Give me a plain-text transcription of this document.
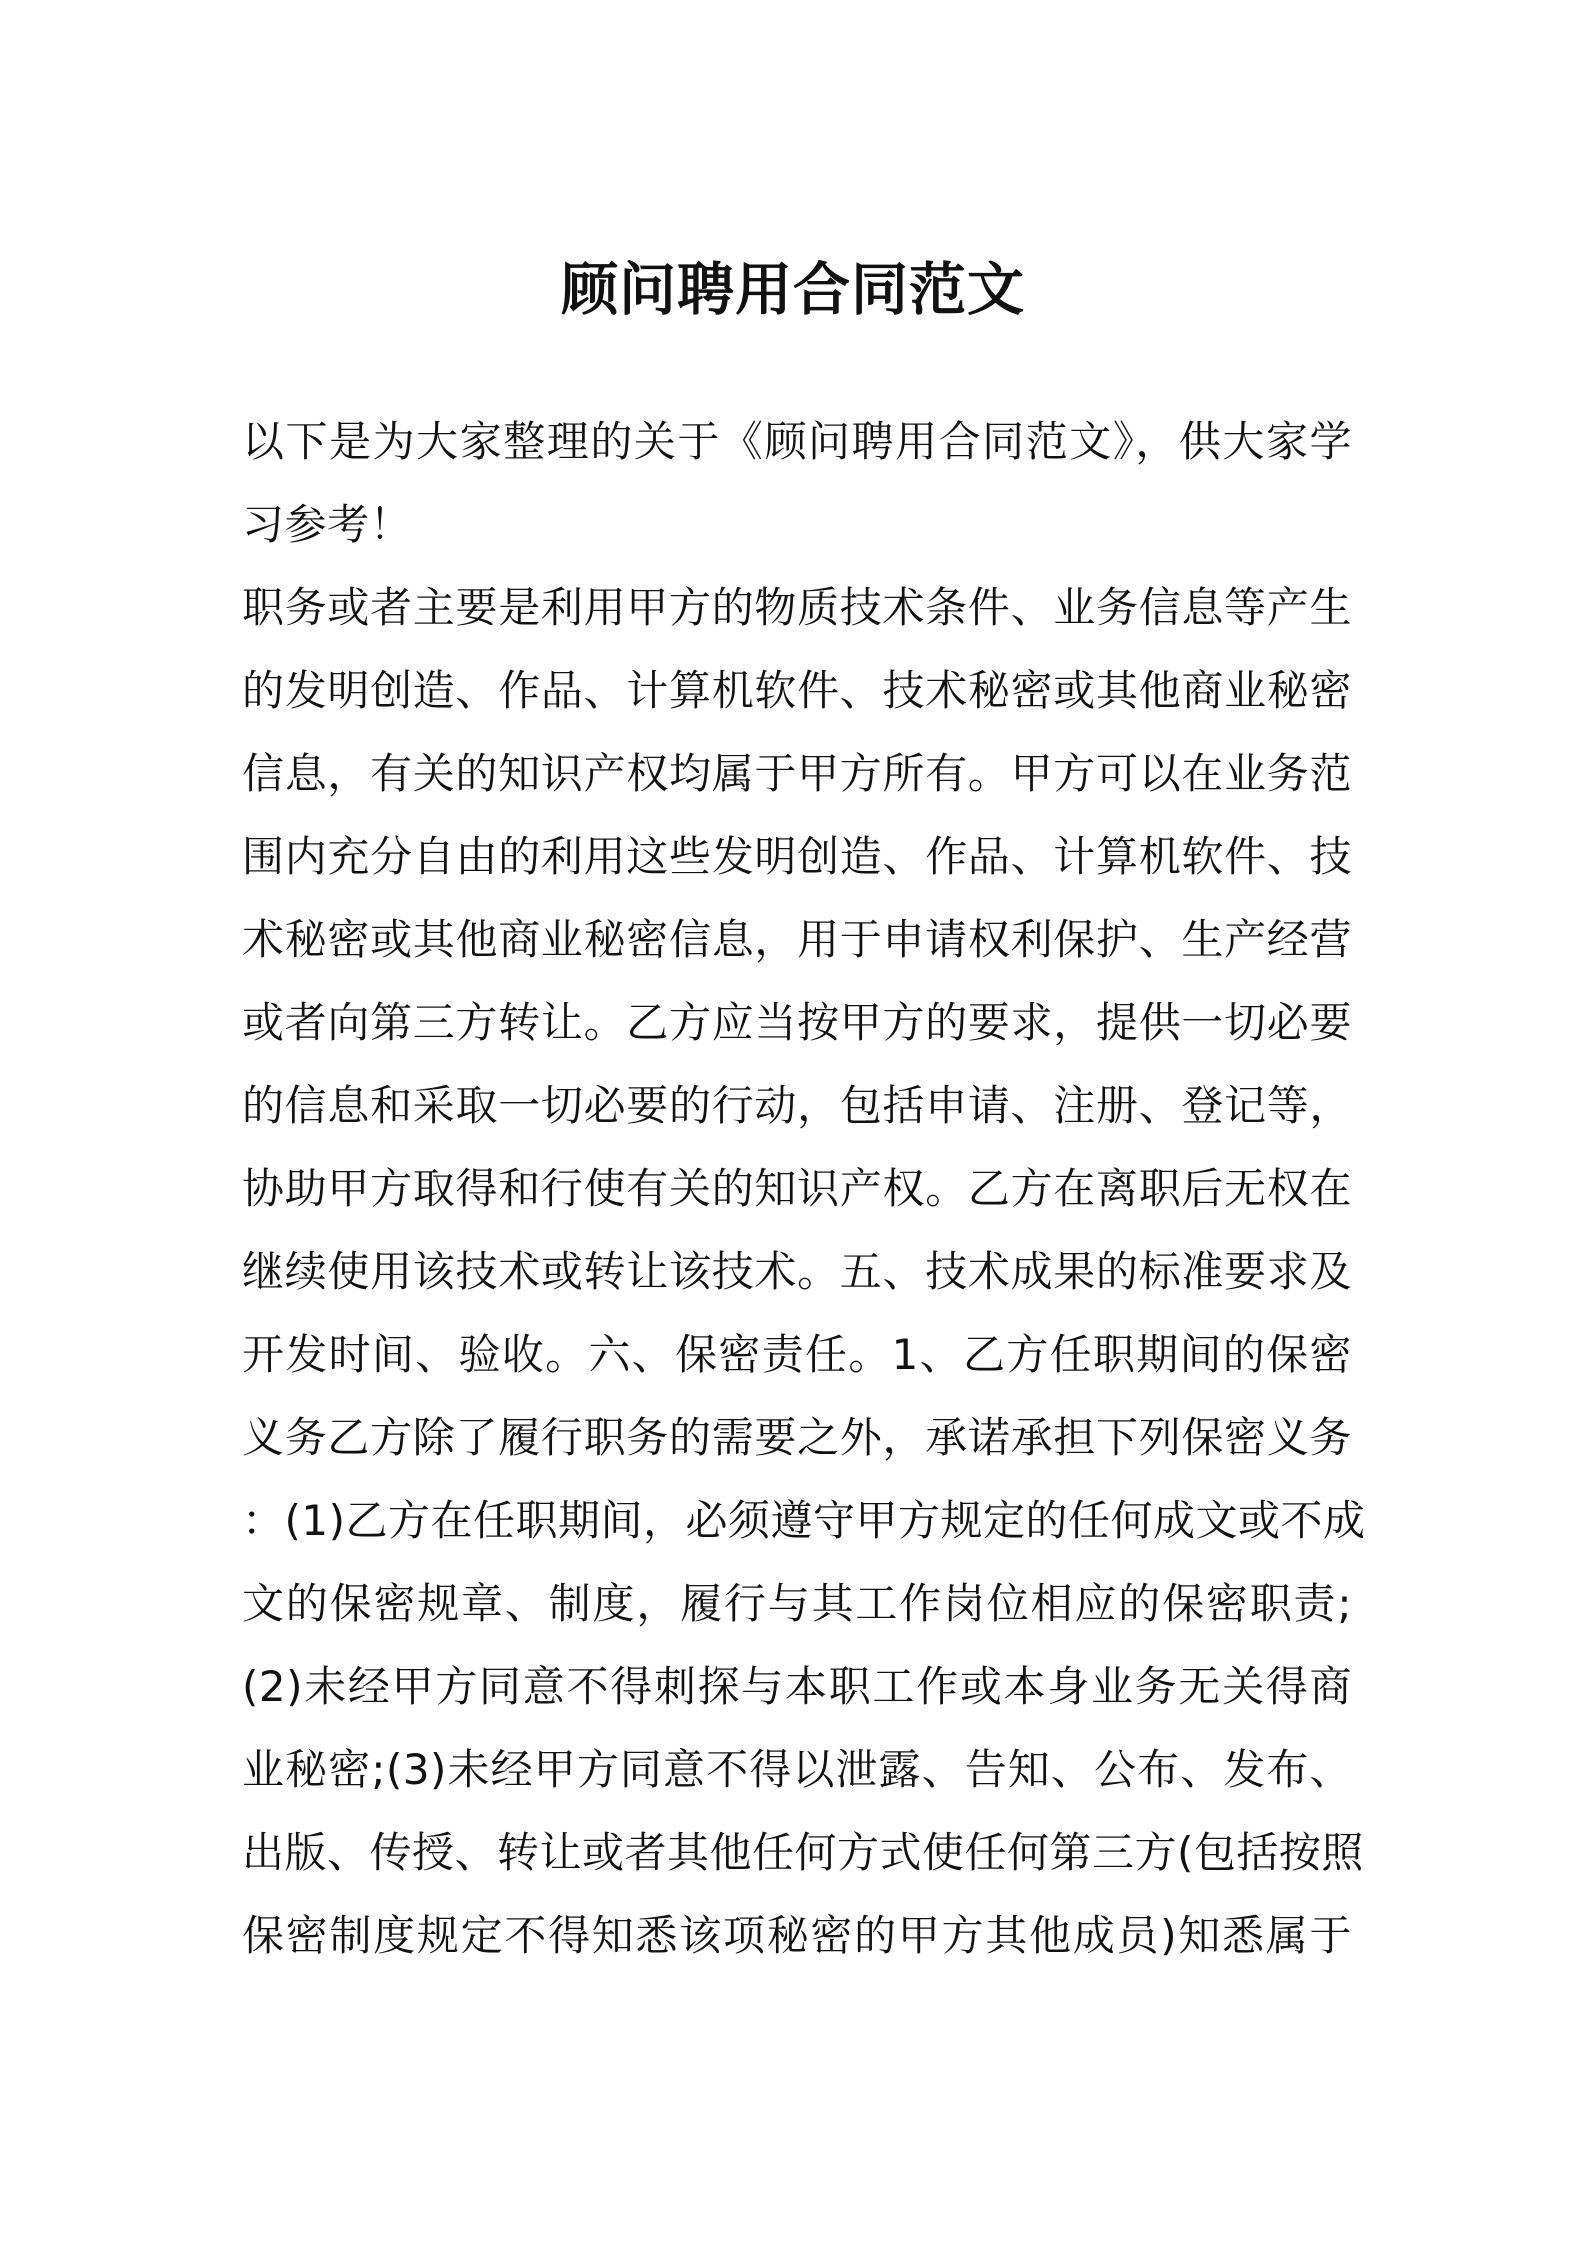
顾问聘用合同范文
以下是为大家整理的关于《顾问聘用合同范文》，供大家学
习参考！
职务或者主要是利用甲方的物质技术条件、业务信息等产生
的发明创造、作品、计算机软件、技术秘密或其他商业秘密
信息，有关的知识产权均属于甲方所有。甲方可以在业务范
围内充分自由的利用这些发明创造、作品、计算机软件、技
术秘密或其他商业秘密信息，用于申请权利保护、生产经营
或者向第三方转让。乙方应当按甲方的要求，提供一切必要
的信息和采取一切必要的行动，包括申请、注册、登记等，
协助甲方取得和行使有关的知识产权。乙方在离职后无权在
继续使用该技术或转让该技术。五、技术成果的标准要求及
开发时间、验收。六、保密责任。1、乙方任职期间的保密
义务乙方除了履行职务的需要之外，承诺承担下列保密义务
：(1)乙方在任职期间，必须遵守甲方规定的任何成文或不成
文的保密规章、制度，履行与其工作岗位相应的保密职责;
(2)未经甲方同意不得刺探与本职工作或本身业务无关得商
业秘密;(3)未经甲方同意不得以泄露、告知、公布、发布、
出版、传授、转让或者其他任何方式使任何第三方(包括按照
保密制度规定不得知悉该项秘密的甲方其他成员)知悉属于
